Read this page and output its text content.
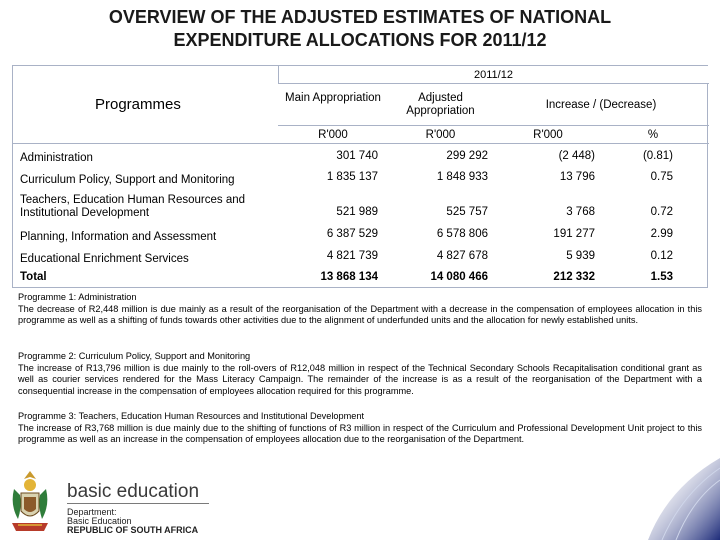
OVERVIEW OF THE ADJUSTED ESTIMATES OF NATIONAL
EXPENDITURE ALLOCATIONS FOR 2011/12
2011/12
Programmes	Main Appropriation	Adjusted Appropriation	Increase / (Decrease)
R'000	R'000	R'000	%
Administration	301 740	299 292	(2 448)	(0.81)
Curriculum Policy, Support and Monitoring	1 835 137	1 848 933	13 796	0.75
Teachers, Education Human Resources and Institutional Development	521 989	525 757	3 768	0.72
Planning, Information and Assessment	6 387 529	6 578 806	191 277	2.99
Educational Enrichment Services	4 821 739	4 827 678	5 939	0.12
Total	13 868 134	14 080 466	212 332	1.53
Programme 1: Administration
The decrease of R2,448 million is due mainly as a result of the reorganisation of the Department with a decrease in the compensation of employees allocation in this programme as well as a shifting of funds towards other activities due to the alignment of underfunded units and the allocation for newly established units.
Programme 2: Curriculum Policy, Support and Monitoring
The increase of R13,796 million is due mainly to the roll-overs of R12,048 million in respect of the Technical Secondary Schools Recapitalisation conditional grant as well as courier services rendered for the Mass Literacy Campaign. The remainder of the increase is as a result of the reorganisation of the Department with a consequential increase in the compensation of employees allocation required for this programme.
Programme 3: Teachers, Education Human Resources and Institutional Development
The increase of R3,768 million is due mainly due to the shifting of functions of R3 million in respect of the Curriculum and Professional Development Unit project to this programme as well as an increase in the compensation of employees allocation due to the reorganisation of the Department.
basic education
Department:
Basic Education
REPUBLIC OF SOUTH AFRICA
